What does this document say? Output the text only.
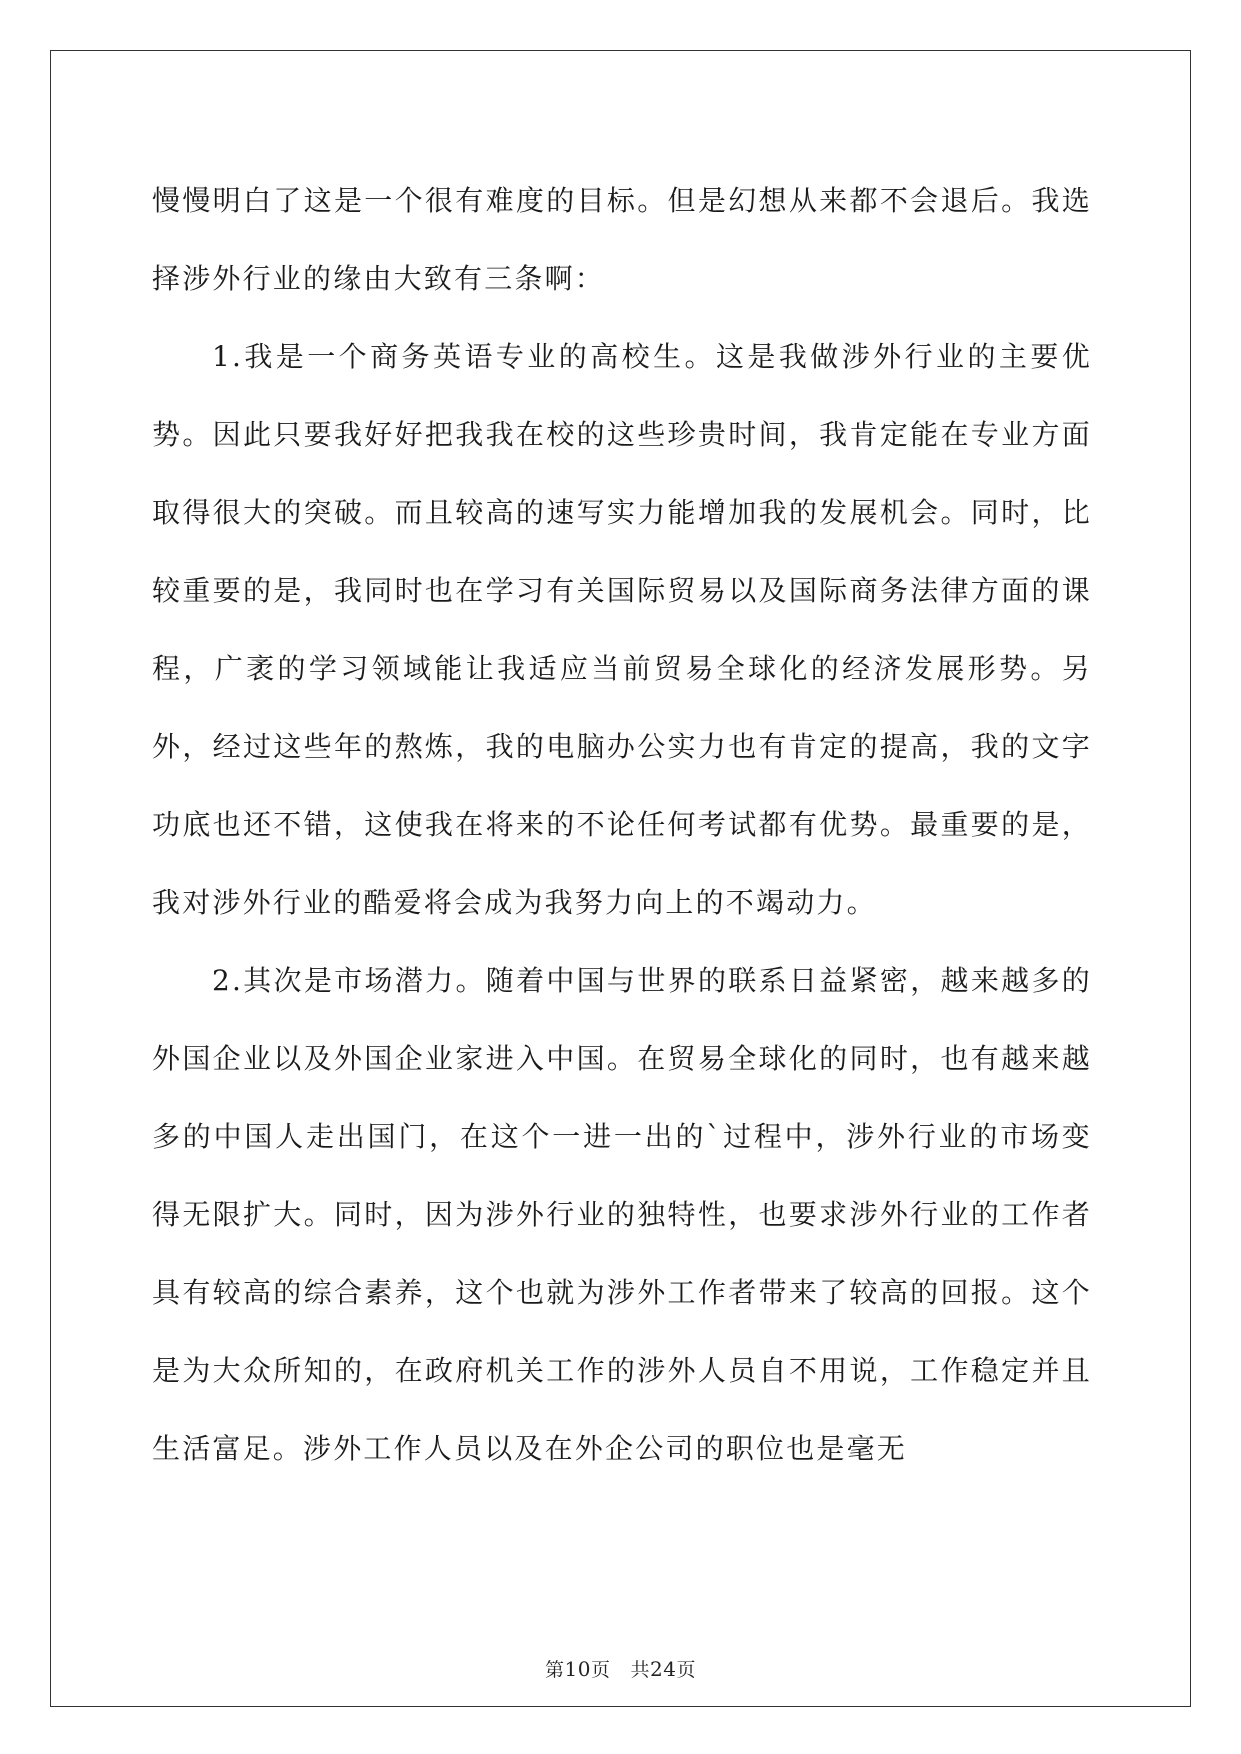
慢慢明白了这是一个很有难度的目标。但是幻想从来都不会退后。我选择涉外行业的缘由大致有三条啊：

1.我是一个商务英语专业的高校生。这是我做涉外行业的主要优势。因此只要我好好把我我在校的这些珍贵时间，我肯定能在专业方面取得很大的突破。而且较高的速写实力能增加我的发展机会。同时，比较重要的是，我同时也在学习有关国际贸易以及国际商务法律方面的课程，广袤的学习领域能让我适应当前贸易全球化的经济发展形势。另外，经过这些年的熬炼，我的电脑办公实力也有肯定的提高，我的文字功底也还不错，这使我在将来的不论任何考试都有优势。最重要的是，我对涉外行业的酷爱将会成为我努力向上的不竭动力。

2.其次是市场潜力。随着中国与世界的联系日益紧密，越来越多的外国企业以及外国企业家进入中国。在贸易全球化的同时，也有越来越多的中国人走出国门，在这个一进一出的`过程中，涉外行业的市场变得无限扩大。同时，因为涉外行业的独特性，也要求涉外行业的工作者具有较高的综合素养，这个也就为涉外工作者带来了较高的回报。这个是为大众所知的，在政府机关工作的涉外人员自不用说，工作稳定并且生活富足。涉外工作人员以及在外企公司的职位也是毫无

第10页 共24页
